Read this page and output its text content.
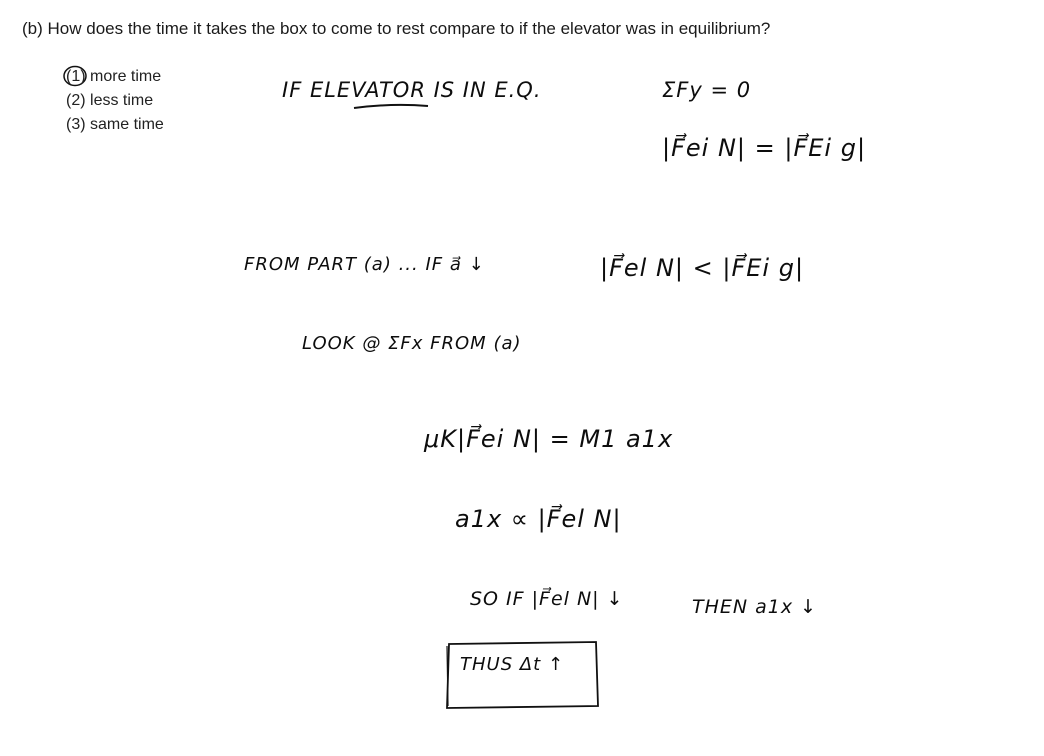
(b) How does the time it takes the box to come to rest compare to if the elevator was in equilibrium?
(1) more time
(2) less time
(3) same time
IF ELEVATOR IS IN E.Q.	ΣFy = 0
|F⃗ei N| = |F⃗Ei g|
FROM PART (a) ... IF a⃗ ↓	|F⃗el N| < |F⃗Ei g|
LOOK @ ΣFx FROM (a)
μK|F⃗ei N| = M1 a1x
a1x ∝ |F⃗el N|
SO IF |F⃗el N| ↓	THEN a1x ↓
THUS Δt ↑
